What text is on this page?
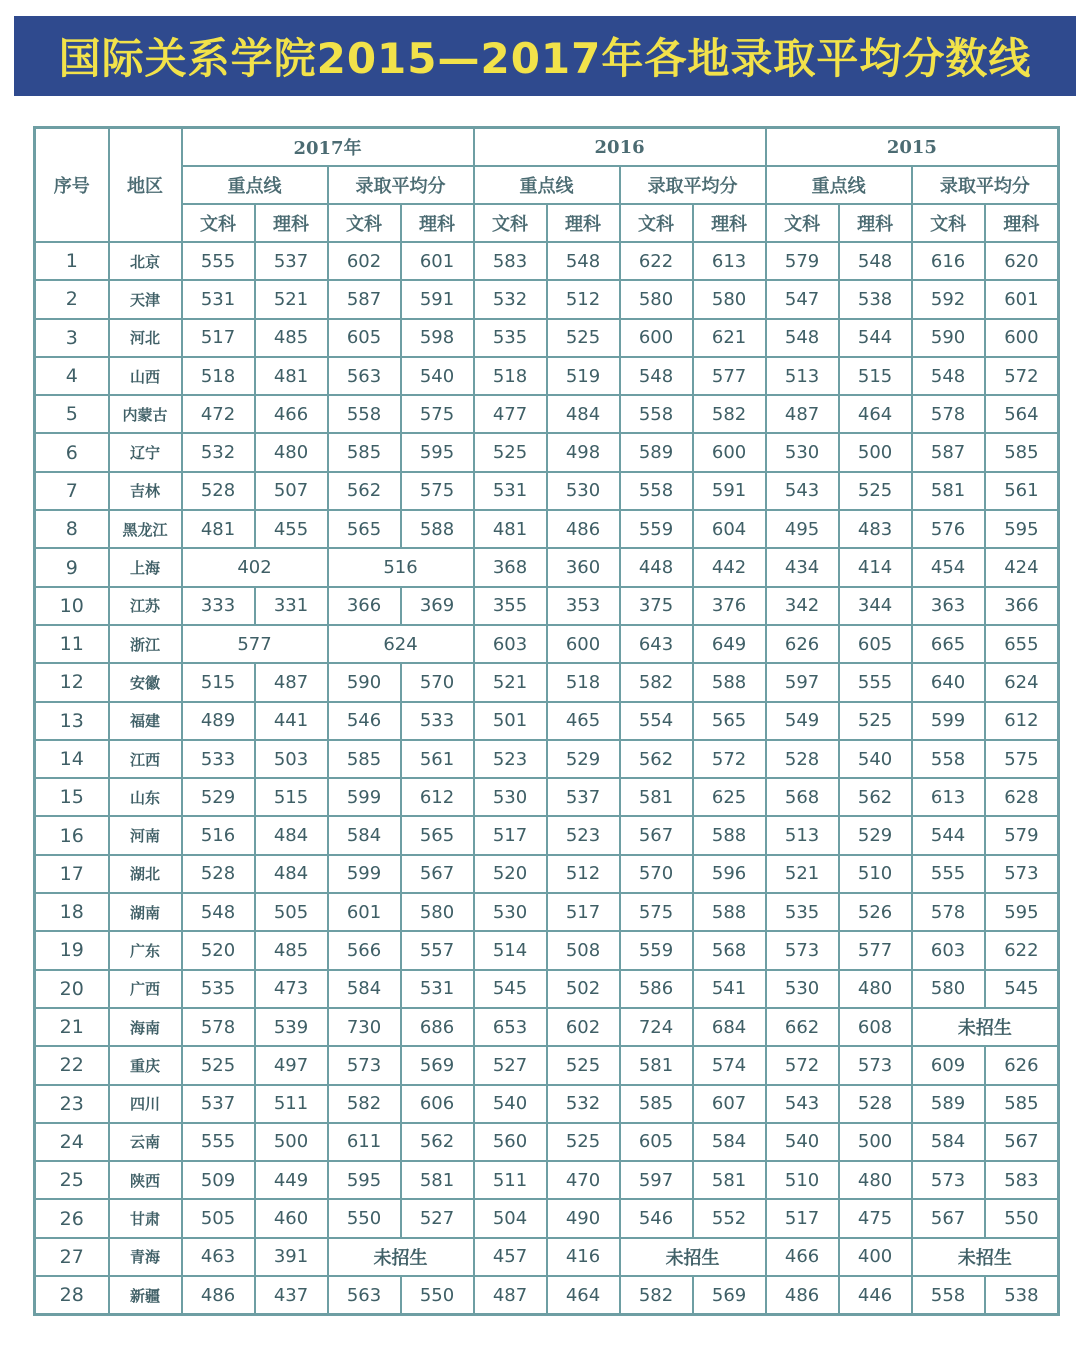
国际关系学院2015—2017年各地录取平均分数线
序号	地区	2017年				2016				2015			
		重点线		录取平均分		重点线		录取平均分		重点线		录取平均分	
		文科	理科	文科	理科	文科	理科	文科	理科	文科	理科	文科	理科
1	北京	555	537	602	601	583	548	622	613	579	548	616	620
2	天津	531	521	587	591	532	512	580	580	547	538	592	601
3	河北	517	485	605	598	535	525	600	621	548	544	590	600
4	山西	518	481	563	540	518	519	548	577	513	515	548	572
5	内蒙古	472	466	558	575	477	484	558	582	487	464	578	564
6	辽宁	532	480	585	595	525	498	589	600	530	500	587	585
7	吉林	528	507	562	575	531	530	558	591	543	525	581	561
8	黑龙江	481	455	565	588	481	486	559	604	495	483	576	595
9	上海	402		516		368	360	448	442	434	414	454	424
10	江苏	333	331	366	369	355	353	375	376	342	344	363	366
11	浙江	577		624		603	600	643	649	626	605	665	655
12	安徽	515	487	590	570	521	518	582	588	597	555	640	624
13	福建	489	441	546	533	501	465	554	565	549	525	599	612
14	江西	533	503	585	561	523	529	562	572	528	540	558	575
15	山东	529	515	599	612	530	537	581	625	568	562	613	628
16	河南	516	484	584	565	517	523	567	588	513	529	544	579
17	湖北	528	484	599	567	520	512	570	596	521	510	555	573
18	湖南	548	505	601	580	530	517	575	588	535	526	578	595
19	广东	520	485	566	557	514	508	559	568	573	577	603	622
20	广西	535	473	584	531	545	502	586	541	530	480	580	545
21	海南	578	539	730	686	653	602	724	684	662	608	未招生	
22	重庆	525	497	573	569	527	525	581	574	572	573	609	626
23	四川	537	511	582	606	540	532	585	607	543	528	589	585
24	云南	555	500	611	562	560	525	605	584	540	500	584	567
25	陕西	509	449	595	581	511	470	597	581	510	480	573	583
26	甘肃	505	460	550	527	504	490	546	552	517	475	567	550
27	青海	463	391	未招生		457	416	未招生		466	400	未招生	
28	新疆	486	437	563	550	487	464	582	569	486	446	558	538
